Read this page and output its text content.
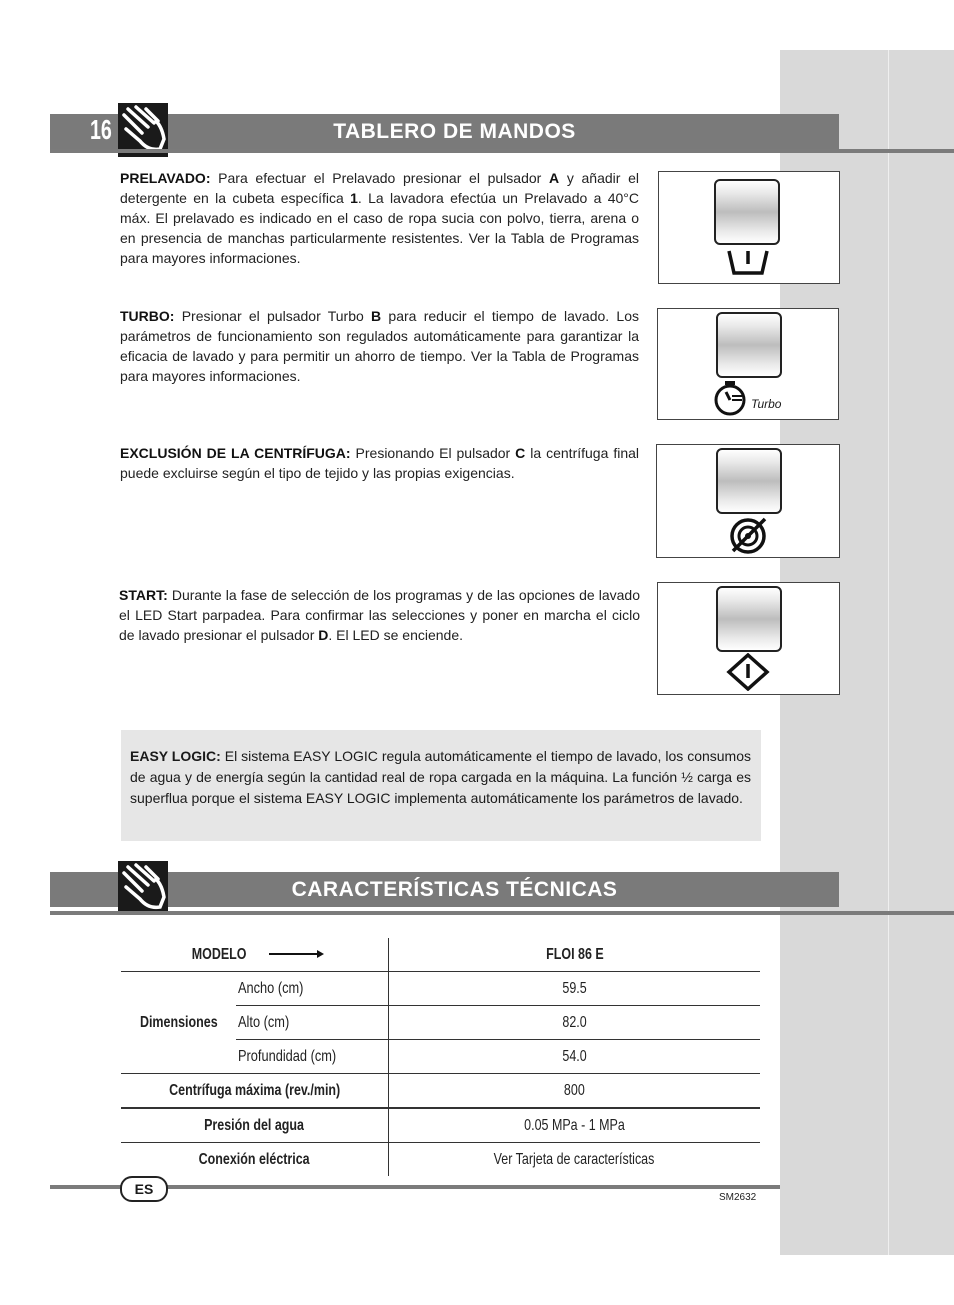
TABLERO DE MANDOS
16
PRELAVADO: Para efectuar el Prelavado presionar el pulsador A y añadir el detergente en la cubeta específica 1. La lavadora efectúa un Prelavado a 40°C máx. El prelavado es indicado en el caso de ropa sucia con polvo, tierra, arena o en presencia de manchas particularmente resistentes. Ver la Tabla de Programas para mayores informaciones.
TURBO: Presionar el pulsador Turbo B para reducir el tiempo de lavado. Los parámetros de funcionamiento son regulados automáticamente para garantizar la eficacia de lavado y para permitir un ahorro de tiempo. Ver la Tabla de Programas para mayores informaciones.
Turbo
EXCLUSIÓN DE LA CENTRÍFUGA: Presionando El pulsador C la centrífuga final puede excluirse según el tipo de tejido y las propias exigencias.
START: Durante la fase de selección de los programas y de las opciones de lavado el LED Start parpadea. Para confirmar las selecciones y poner en marcha el ciclo de lavado presionar el pulsador D. El LED se enciende.

EASY LOGIC: El sistema EASY LOGIC regula automáticamente el tiempo de lavado, los consumos de agua y de energía según la cantidad real de ropa cargada en la máquina. La función ½ carga es superflua porque el sistema EASY LOGIC implementa automáticamente los parámetros de lavado.

CARACTERÍSTICAS TÉCNICAS
MODELO		FLOI 86 E
Dimensiones	Ancho (cm)	59.5
	Alto (cm)	82.0
	Profundidad (cm)	54.0
Centrífuga máxima (rev./min)		800
Presión del agua		0.05 MPa - 1 MPa
Conexión eléctrica		Ver Tarjeta de características
ES
SM2632
